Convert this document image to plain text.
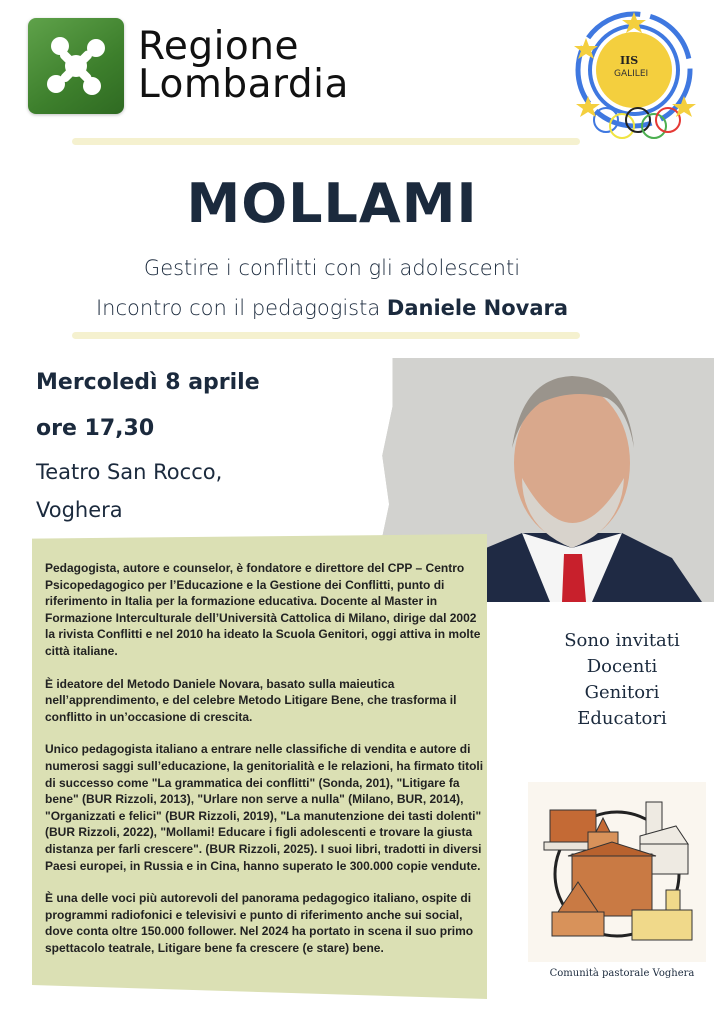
Regione
Lombardia
IIS
GALILEI
MOLLAMI
Gestire i conflitti con gli adolescenti
Incontro con il pedagogista Daniele Novara
Mercoledì 8 aprile
ore 17,30
Teatro San Rocco,
Voghera

Pedagogista, autore e counselor, è fondatore e direttore del CPP – Centro Psicopedagogico per l’Educazione e la Gestione dei Conflitti, punto di riferimento in Italia per la formazione educativa. Docente al Master in Formazione Interculturale dell’Università Cattolica di Milano, dirige dal 2002 la rivista Conflitti e nel 2010 ha ideato la Scuola Genitori, oggi attiva in molte città italiane.

È ideatore del Metodo Daniele Novara, basato sulla maieutica nell’apprendimento, e del celebre Metodo Litigare Bene, che trasforma il conflitto in un’occasione di crescita.

Unico pedagogista italiano a entrare nelle classifiche di vendita e autore di numerosi saggi sull’educazione, la genitorialità e le relazioni, ha firmato titoli di successo come "La grammatica dei conflitti" (Sonda, 201), "Litigare fa bene" (BUR Rizzoli, 2013), "Urlare non serve a nulla" (Milano, BUR, 2014), "Organizzati e felici" (BUR Rizzoli, 2019), "La manutenzione dei tasti dolenti" (BUR Rizzoli, 2022), "Mollami! Educare i figli adolescenti e trovare la giusta distanza per farli crescere". (BUR Rizzoli, 2025). I suoi libri, tradotti in diversi Paesi europei, in Russia e in Cina, hanno superato le 300.000 copie vendute.

È una delle voci più autorevoli del panorama pedagogico italiano, ospite di programmi radiofonici e televisivi e punto di riferimento anche sui social, dove conta oltre 150.000 follower. Nel 2024 ha portato in scena il suo primo spettacolo teatrale, Litigare bene fa crescere (e stare) bene.

Sono invitati
Docenti
Genitori
Educatori
Comunità pastorale Voghera
